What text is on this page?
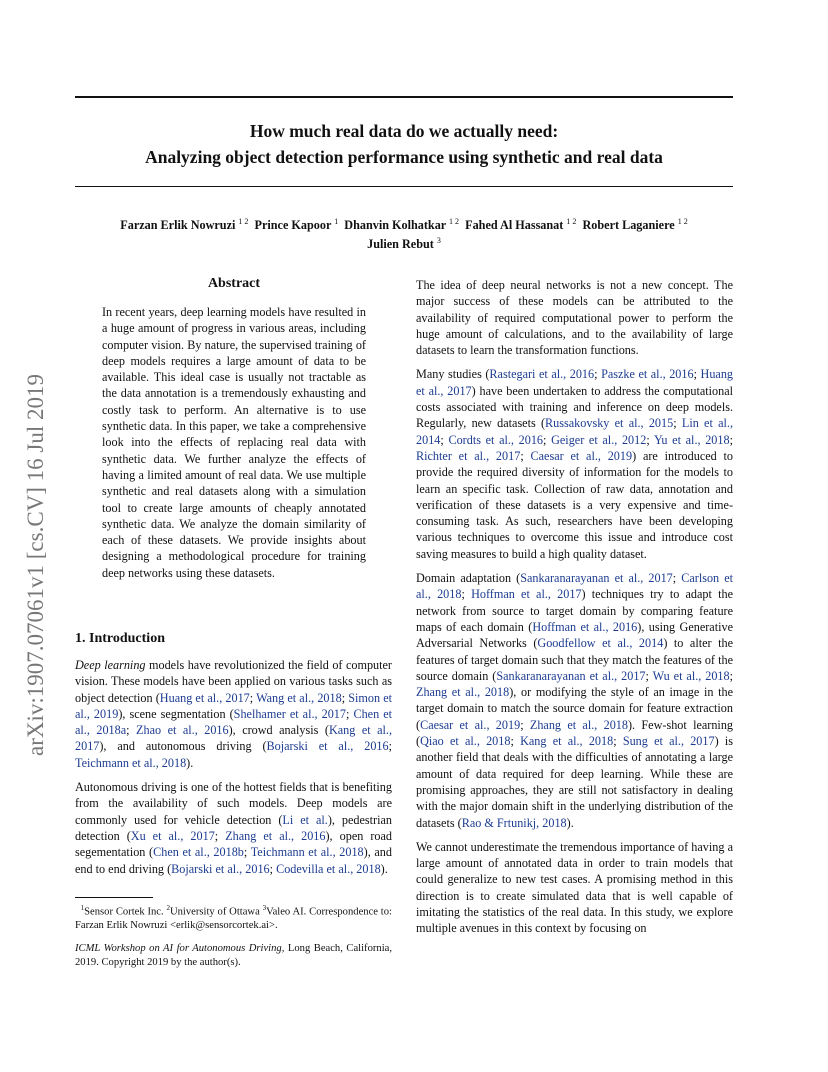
arXiv:1907.07061v1 [cs.CV] 16 Jul 2019
How much real data do we actually need:
Analyzing object detection performance using synthetic and real data
Farzan Erlik Nowruzi $^{1 2}$ Prince Kapoor $^1$ Dhanvin Kolhatkar $^{1 2}$ Fahed Al Hassanat $^{1 2}$ Robert Laganiere $^{1 2}$
Julien Rebut $^3$
Abstract

In recent years, deep learning models have resulted in a huge amount of progress in various areas, including computer vision. By nature, the supervised training of deep models requires a large amount of data to be available. This ideal case is usually not tractable as the data annotation is a tremendously exhausting and costly task to perform. An alternative is to use synthetic data. In this paper, we take a comprehensive look into the effects of replacing real data with synthetic data. We further analyze the effects of having a limited amount of real data. We use multiple synthetic and real datasets along with a simulation tool to create large amounts of cheaply annotated synthetic data. We analyze the domain similarity of each of these datasets. We provide insights about designing a methodological procedure for training deep networks using these datasets.

1. Introduction

Deep learning models have revolutionized the field of computer vision. These models have been applied on various tasks such as object detection (Huang et al., 2017; Wang et al., 2018; Simon et al., 2019), scene segmentation (Shelhamer et al., 2017; Chen et al., 2018a; Zhao et al., 2016), crowd analysis (Kang et al., 2017), and autonomous driving (Bojarski et al., 2016; Teichmann et al., 2018).

Autonomous driving is one of the hottest fields that is benefiting from the availability of such models. Deep models are commonly used for vehicle detection (Li et al.), pedestrian detection (Xu et al., 2017; Zhang et al., 2016), open road segementation (Chen et al., 2018b; Teichmann et al., 2018), and end to end driving (Bojarski et al., 2016; Codevilla et al., 2018).

$^1$Sensor Cortek Inc. $^2$University of Ottawa $^3$Valeo AI. Correspondence to: Farzan Erlik Nowruzi <erlik@sensorcortek.ai>.
ICML Workshop on AI for Autonomous Driving, Long Beach, California, 2019. Copyright 2019 by the author(s).

The idea of deep neural networks is not a new concept. The major success of these models can be attributed to the availability of required computational power to perform the huge amount of calculations, and to the availability of large datasets to learn the transformation functions.

Many studies (Rastegari et al., 2016; Paszke et al., 2016; Huang et al., 2017) have been undertaken to address the computational costs associated with training and inference on deep models. Regularly, new datasets (Russakovsky et al., 2015; Lin et al., 2014; Cordts et al., 2016; Geiger et al., 2012; Yu et al., 2018; Richter et al., 2017; Caesar et al., 2019) are introduced to provide the required diversity of information for the models to learn an specific task. Collection of raw data, annotation and verification of these datasets is a very expensive and time-consuming task. As such, researchers have been developing various techniques to overcome this issue and introduce cost saving measures to build a high quality dataset.

Domain adaptation (Sankaranarayanan et al., 2017; Carlson et al., 2018; Hoffman et al., 2017) techniques try to adapt the network from source to target domain by comparing feature maps of each domain (Hoffman et al., 2016), using Generative Adversarial Networks (Goodfellow et al., 2014) to alter the features of target domain such that they match the features of the source domain (Sankaranarayanan et al., 2017; Wu et al., 2018; Zhang et al., 2018), or modifying the style of an image in the target domain to match the source domain for feature extraction (Caesar et al., 2019; Zhang et al., 2018). Few-shot learning (Qiao et al., 2018; Kang et al., 2018; Sung et al., 2017) is another field that deals with the difficulties of annotating a large amount of data required for deep learning. While these are promising approaches, they are still not satisfactory in dealing with the major domain shift in the underlying distribution of the datasets (Rao & Frtunikj, 2018).

We cannot underestimate the tremendous importance of having a large amount of annotated data in order to train models that could generalize to new test cases. A promising method in this direction is to create simulated data that is well capable of imitating the statistics of the real data. In this study, we explore multiple avenues in this context by focusing on
